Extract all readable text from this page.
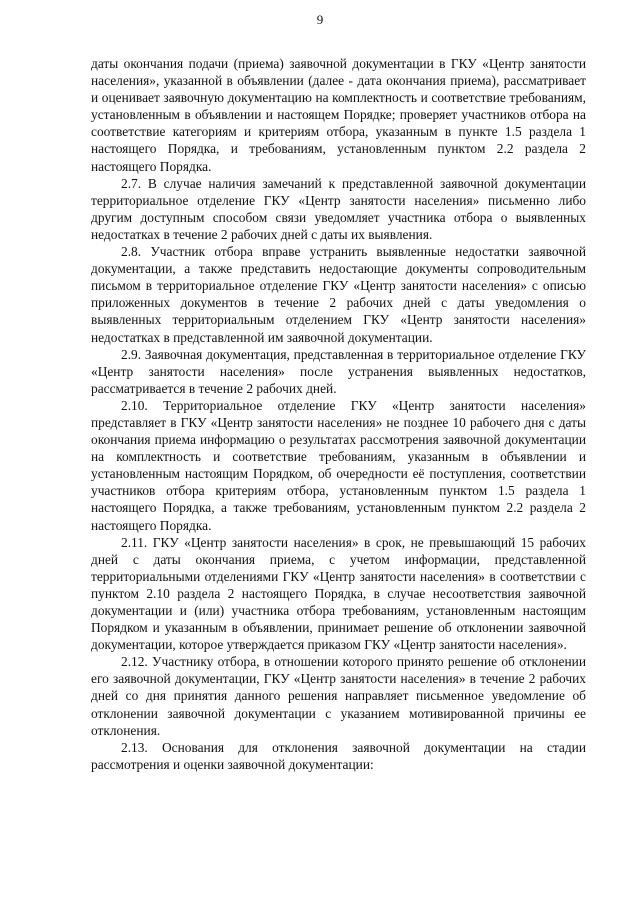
9

даты окончания подачи (приема) заявочной документации в ГКУ «Центр занятости населения», указанной в объявлении (далее - дата окончания приема), рассматривает и оценивает заявочную документацию на комплектность и соответствие требованиям, установленным в объявлении и настоящем Порядке; проверяет участников отбора на соответствие категориям и критериям отбора, указанным в пункте 1.5 раздела 1 настоящего Порядка, и требованиям, установленным пунктом 2.2 раздела 2 настоящего Порядка.

2.7. В случае наличия замечаний к представленной заявочной документации территориальное отделение ГКУ «Центр занятости населения» письменно либо другим доступным способом связи уведомляет участника отбора о выявленных недостатках в течение 2 рабочих дней с даты их выявления.

2.8. Участник отбора вправе устранить выявленные недостатки заявочной документации, а также представить недостающие документы сопроводительным письмом в территориальное отделение ГКУ «Центр занятости населения» с описью приложенных документов в течение 2 рабочих дней с даты уведомления о выявленных территориальным отделением ГКУ «Центр занятости населения» недостатках в представленной им заявочной документации.

2.9. Заявочная документация, представленная в территориальное отделение ГКУ «Центр занятости населения» после устранения выявленных недостатков, рассматривается в течение 2 рабочих дней.

2.10. Территориальное отделение ГКУ «Центр занятости населения» представляет в ГКУ «Центр занятости населения» не позднее 10 рабочего дня с даты окончания приема информацию о результатах рассмотрения заявочной документации на комплектность и соответствие требованиям, указанным в объявлении и установленным настоящим Порядком, об очередности её поступления, соответствии участников отбора критериям отбора, установленным пунктом 1.5 раздела 1 настоящего Порядка, а также требованиям, установленным пунктом 2.2 раздела 2 настоящего Порядка.

2.11. ГКУ «Центр занятости населения» в срок, не превышающий 15 рабочих дней с даты окончания приема, с учетом информации, представленной территориальными отделениями ГКУ «Центр занятости населения» в соответствии с пунктом 2.10 раздела 2 настоящего Порядка, в случае несоответствия заявочной документации и (или) участника отбора требованиям, установленным настоящим Порядком и указанным в объявлении, принимает решение об отклонении заявочной документации, которое утверждается приказом ГКУ «Центр занятости населения».

2.12. Участнику отбора, в отношении которого принято решение об отклонении его заявочной документации, ГКУ «Центр занятости населения» в течение 2 рабочих дней со дня принятия данного решения направляет письменное уведомление об отклонении заявочной документации с указанием мотивированной причины ее отклонения.

2.13. Основания для отклонения заявочной документации на стадии рассмотрения и оценки заявочной документации:
